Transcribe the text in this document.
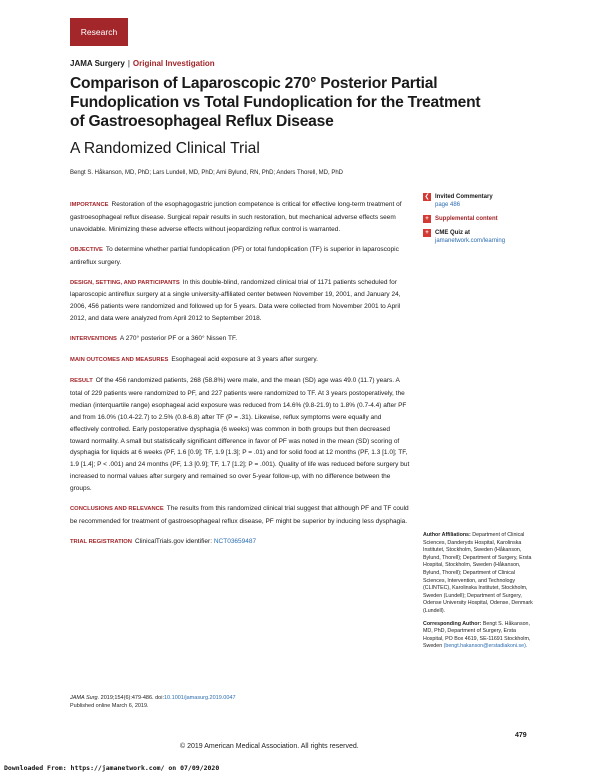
Research
JAMA Surgery | Original Investigation
Comparison of Laparoscopic 270° Posterior Partial Fundoplication vs Total Fundoplication for the Treatment of Gastroesophageal Reflux Disease
A Randomized Clinical Trial
Bengt S. Håkanson, MD, PhD; Lars Lundell, MD, PhD; Ami Bylund, RN, PhD; Anders Thorell, MD, PhD
IMPORTANCE Restoration of the esophagogastric junction competence is critical for effective long-term treatment of gastroesophageal reflux disease. Surgical repair results in such restoration, but mechanical adverse effects seem unavoidable. Minimizing these adverse effects without jeopardizing reflux control is warranted.
OBJECTIVE To determine whether partial fundoplication (PF) or total fundoplication (TF) is superior in laparoscopic antireflux surgery.
DESIGN, SETTING, AND PARTICIPANTS In this double-blind, randomized clinical trial of 1171 patients scheduled for laparoscopic antireflux surgery at a single university-affiliated center between November 19, 2001, and January 24, 2006, 456 patients were randomized and followed up for 5 years. Data were collected from November 2001 to April 2012, and data were analyzed from April 2012 to September 2018.
INTERVENTIONS A 270° posterior PF or a 360° Nissen TF.
MAIN OUTCOMES AND MEASURES Esophageal acid exposure at 3 years after surgery.
RESULT Of the 456 randomized patients, 268 (58.8%) were male, and the mean (SD) age was 49.0 (11.7) years. A total of 229 patients were randomized to PF, and 227 patients were randomized to TF. At 3 years postoperatively, the median (interquartile range) esophageal acid exposure was reduced from 14.6% (9.8-21.9) to 1.8% (0.7-4.4) after PF and from 16.0% (10.4-22.7) to 2.5% (0.8-6.8) after TF (P = .31). Likewise, reflux symptoms were equally and effectively controlled. Early postoperative dysphagia (6 weeks) was common in both groups but then decreased toward normality. A small but statistically significant difference in favor of PF was noted in the mean (SD) scoring of dysphagia for liquids at 6 weeks (PF, 1.6 [0.9]; TF, 1.9 [1.3]; P = .01) and for solid food at 12 months (PF, 1.3 [1.0]; TF, 1.9 [1.4]; P < .001) and 24 months (PF, 1.3 [0.9]; TF, 1.7 [1.2]; P = .001). Quality of life was reduced before surgery but increased to normal values after surgery and remained so over 5-year follow-up, with no difference between the groups.
CONCLUSIONS AND RELEVANCE The results from this randomized clinical trial suggest that although PF and TF could be recommended for treatment of gastroesophageal reflux disease, PF might be superior by inducing less dysphagia.
TRIAL REGISTRATION ClinicalTrials.gov identifier: NCT03659487
❮ Invited Commentary
page 486
+	Supplemental content
+	CME Quiz at
jamanetwork.com/learning

Author Affiliations: Department of Clinical Sciences, Danderyds Hospital, Karolinska Institutet, Stockholm, Sweden (Håkanson, Bylund, Thorell); Department of Surgery, Ersta Hospital, Stockholm, Sweden (Håkanson, Bylund, Thorell); Department of Clinical Sciences, Intervention, and Technology (CLINTEC), Karolinska Institutet, Stockholm, Sweden (Lundell); Department of Surgery, Odense University Hospital, Odense, Denmark (Lundell).

Corresponding Author: Bengt S. Håkanson, MD, PhD, Department of Surgery, Ersta Hospital, PO Box 4619, SE-11691 Stockholm, Sweden (bengt.hakanson@erstadiakoni.se).

JAMA Surg. 2019;154(6):479-486. doi:10.1001/jamasurg.2019.0047
Published online March 6, 2019.
© 2019 American Medical Association. All rights reserved.
479
Downloaded From: https://jamanetwork.com/ on 07/09/2020
